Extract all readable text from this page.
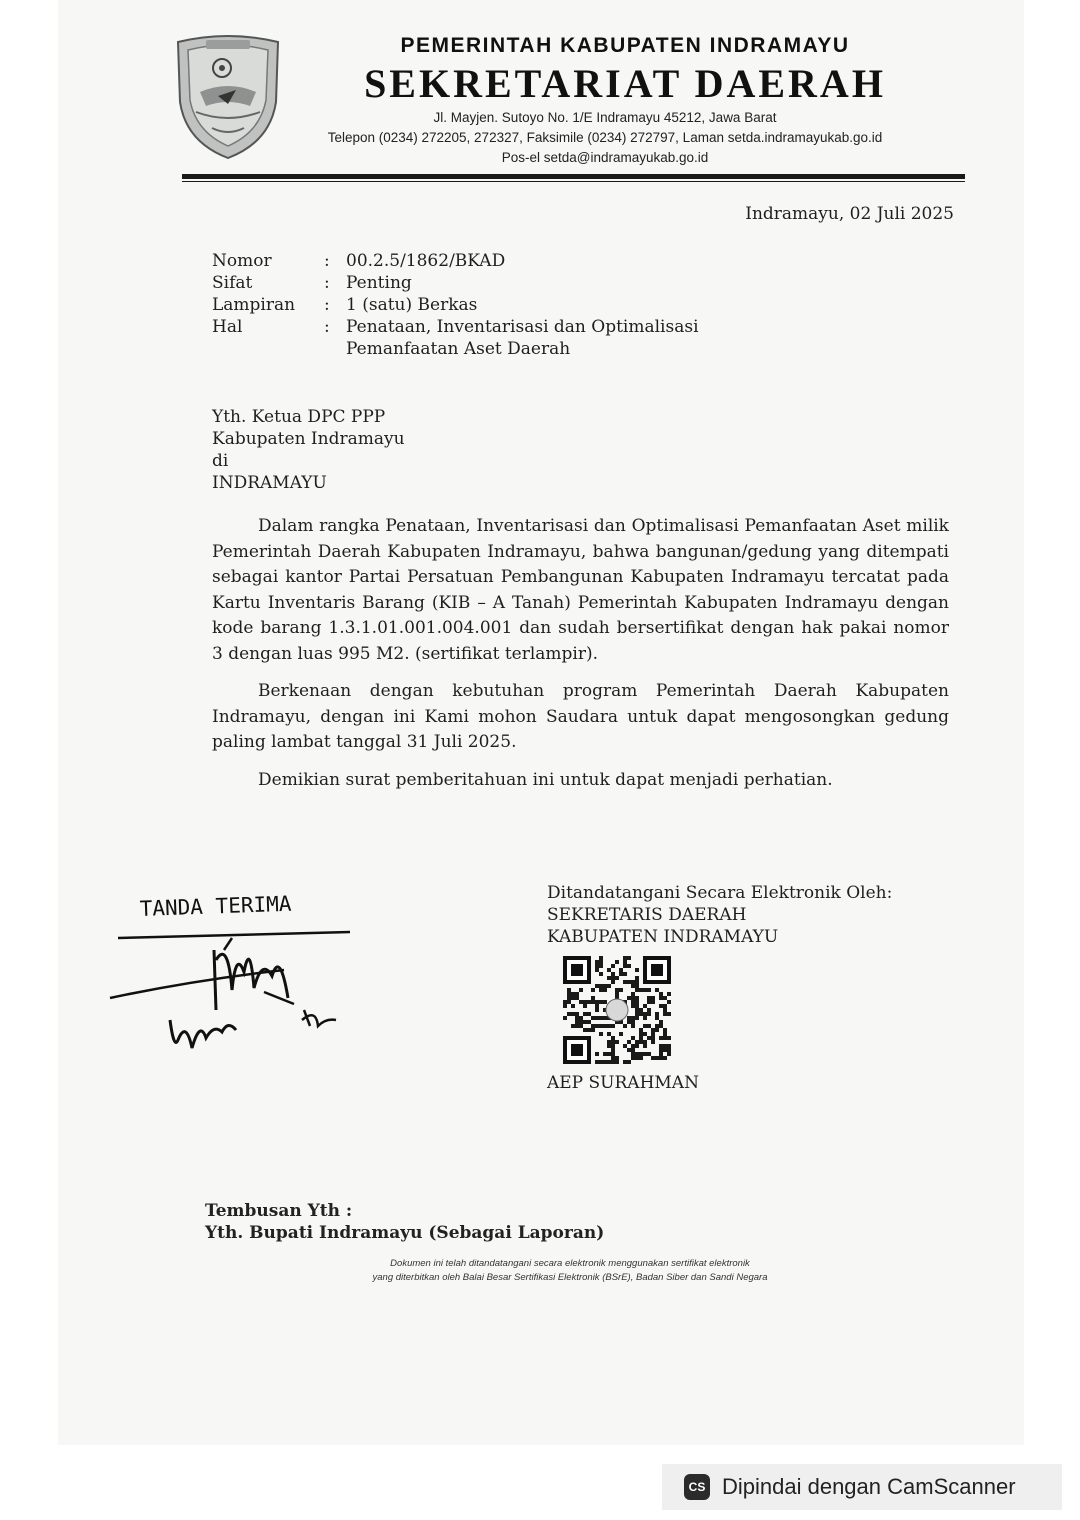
PEMERINTAH KABUPATEN INDRAMAYU
SEKRETARIAT DAERAH
Jl. Mayjen. Sutoyo No. 1/E Indramayu 45212, Jawa Barat
Telepon (0234) 272205, 272327, Faksimile (0234) 272797, Laman setda.indramayukab.go.id
Pos-el setda@indramayukab.go.id
Indramayu, 02 Juli 2025
Nomor	: 00.2.5/1862/BKAD
Sifat	: Penting
Lampiran	: 1 (satu) Berkas
Hal	: Penataan, Inventarisasi dan Optimalisasi Pemanfaatan Aset Daerah
Yth. Ketua DPC PPP
Kabupaten Indramayu
di
INDRAMAYU

Dalam rangka Penataan, Inventarisasi dan Optimalisasi Pemanfaatan Aset milik Pemerintah Daerah Kabupaten Indramayu, bahwa bangunan/gedung yang ditempati sebagai kantor Partai Persatuan Pembangunan Kabupaten Indramayu tercatat pada Kartu Inventaris Barang (KIB – A Tanah) Pemerintah Kabupaten Indramayu dengan kode barang 1.3.1.01.001.004.001 dan sudah bersertifikat dengan hak pakai nomor 3 dengan luas 995 M2. (sertifikat terlampir).

Berkenaan dengan kebutuhan program Pemerintah Daerah Kabupaten Indramayu, dengan ini Kami mohon Saudara untuk dapat mengosongkan gedung paling lambat tanggal 31 Juli 2025.

Demikian surat pemberitahuan ini untuk dapat menjadi perhatian.

TANDA TERIMA	Ditandatangani Secara Elektronik Oleh:
SEKRETARIS DAERAH
KABUPATEN INDRAMAYU
AEP SURAHMAN
Tembusan Yth :
Yth. Bupati Indramayu (Sebagai Laporan)
Dokumen ini telah ditandatangani secara elektronik menggunakan sertifikat elektronik
yang diterbitkan oleh Balai Besar Sertifikasi Elektronik (BSrE), Badan Siber dan Sandi Negara
CS Dipindai dengan CamScanner
